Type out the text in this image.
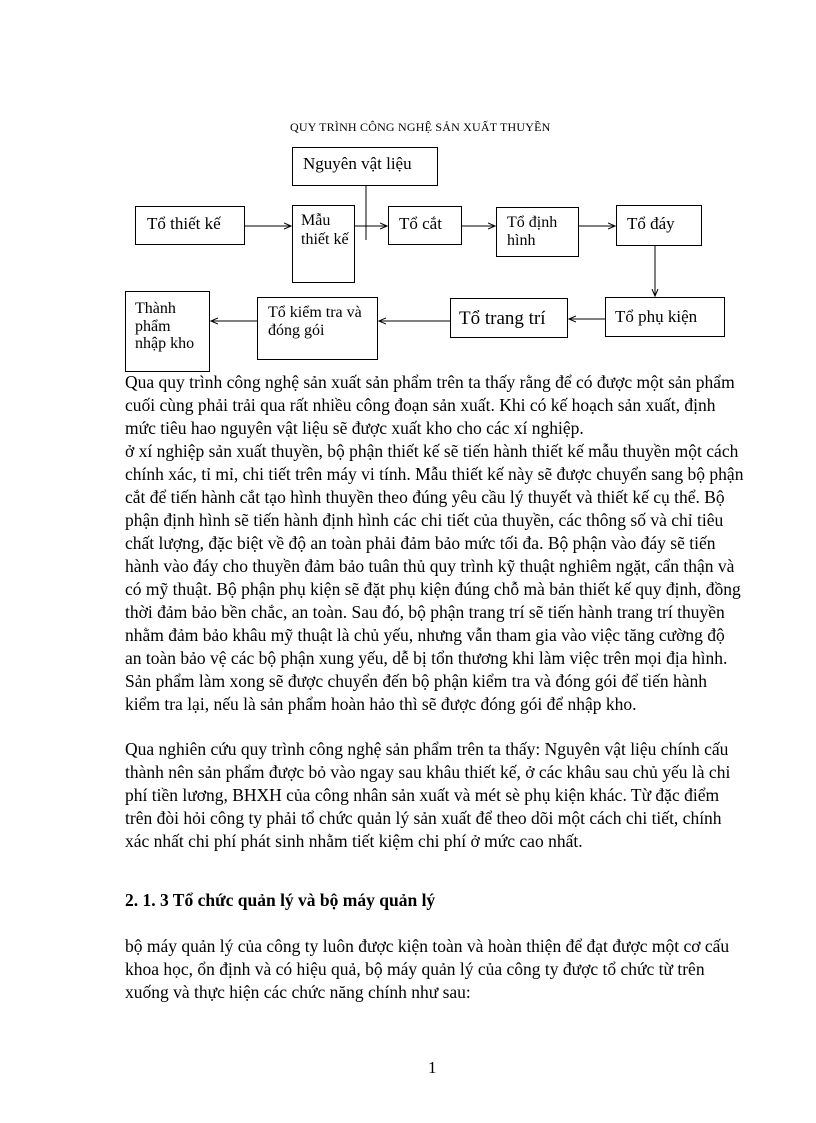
QUY TRÌNH CÔNG NGHỆ SẢN XUẤT THUYỀN
Nguyên vật liệu
Tổ thiết kế	Mẫu thiết kế
Tổ cắt	Tổ định hình
Tổ đáy
Tổ phụ kiện
Tổ trang trí
Tổ kiểm tra và đóng gói
Thành phẩm nhập kho
Qua quy trình công nghệ sản xuất sản phẩm trên ta thấy rằng để có được một sản phẩm cuối cùng phải trải qua rất nhiều công đoạn sản xuất. Khi có kế hoạch sản xuất, định mức tiêu hao nguyên vật liệu sẽ được xuất kho cho các xí nghiệp.
ở xí nghiệp sản xuất thuyền, bộ phận thiết kế sẽ tiến hành thiết kế mẫu thuyền một cách chính xác, tỉ mỉ, chi tiết trên máy vi tính. Mẫu thiết kế này sẽ được chuyển sang bộ phận cắt để tiến hành cắt tạo hình thuyền theo đúng yêu cầu lý thuyết và thiết kế cụ thể. Bộ phận định hình sẽ tiến hành định hình các chi tiết của thuyền, các thông số và chỉ tiêu chất lượng, đặc biệt về độ an toàn phải đảm bảo mức tối đa. Bộ phận vào đáy sẽ tiến hành vào đáy cho thuyền đảm bảo tuân thủ quy trình kỹ thuật nghiêm ngặt, cẩn thận và có mỹ thuật. Bộ phận phụ kiện sẽ đặt phụ kiện đúng chỗ mà bản thiết kế quy định, đồng thời đảm bảo bền chắc, an toàn. Sau đó, bộ phận trang trí sẽ tiến hành trang trí thuyền nhằm đảm bảo khâu mỹ thuật là chủ yếu, nhưng vẫn tham gia vào việc tăng cường độ an toàn bảo vệ các bộ phận xung yếu, dễ bị tổn thương khi làm việc trên mọi địa hình. Sản phẩm làm xong sẽ được chuyển đến bộ phận kiểm tra và đóng gói để tiến hành kiểm tra lại, nếu là sản phẩm hoàn hảo thì sẽ được đóng gói để nhập kho.
Qua nghiên cứu quy trình công nghệ sản phẩm trên ta thấy: Nguyên vật liệu chính cấu thành nên sản phẩm được bỏ vào ngay sau khâu thiết kế, ở các khâu sau chủ yếu là chi phí tiền lương, BHXH của công nhân sản xuất và mét sè phụ kiện khác. Từ đặc điểm trên đòi hỏi công ty phải tổ chức quản lý sản xuất để theo dõi một cách chi tiết, chính xác nhất chi phí phát sinh nhằm tiết kiệm chi phí ở mức cao nhất.
2. 1. 3 Tổ chức quản lý và bộ máy quản lý
bộ máy quản lý của công ty luôn được kiện toàn và hoàn thiện để đạt được một cơ cấu khoa học, ổn định và có hiệu quả, bộ máy quản lý của công ty được tổ chức từ trên xuống và thực hiện các chức năng chính như sau:
1
